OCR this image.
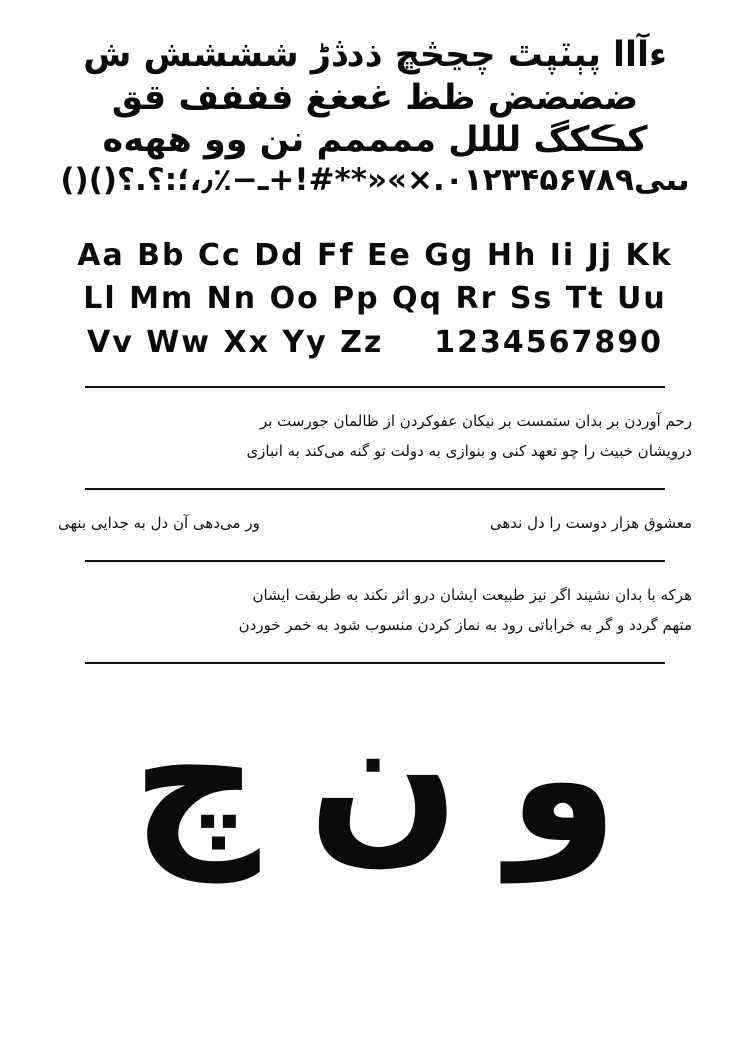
ءآاا پٻٽپٿ چڃڅڇ ذدڎڑ شششش ش
ضضضض ظظ غعغغ فففف قق
کڪکگ لللل ممممم نن وو ههه‌ه
ىىى۰۱۲۳۴۵۶۷۸۹.×»«**#!+ـ−٪٫،؛:؟.؟()()
Aa Bb Cc Dd Ff Ee Gg Hh Ii Jj Kk
Ll Mm Nn Oo Pp Qq Rr Ss Tt Uu
Vv Ww Xx Yy Zz 1234567890
رحم آوردن بر بدان ستمست بر نیکان عفوکردن از ظالمان جورست بر
درویشان خبیث را چو تعهد کنی و بنوازی به دولت تو گنه می‌کند به انبازی
معشوق هزار دوست را دل ندهی
ور می‌دهی آن دل به جدایی بنهی
هرکه با بدان نشیند اگر نیز طبیعت ایشان درو اثر نکند به طریقت ایشان
متهم گردد و گر به خراباتی رود به نماز کردن منسوب شود به خمر خوردن
و
ن
چ
